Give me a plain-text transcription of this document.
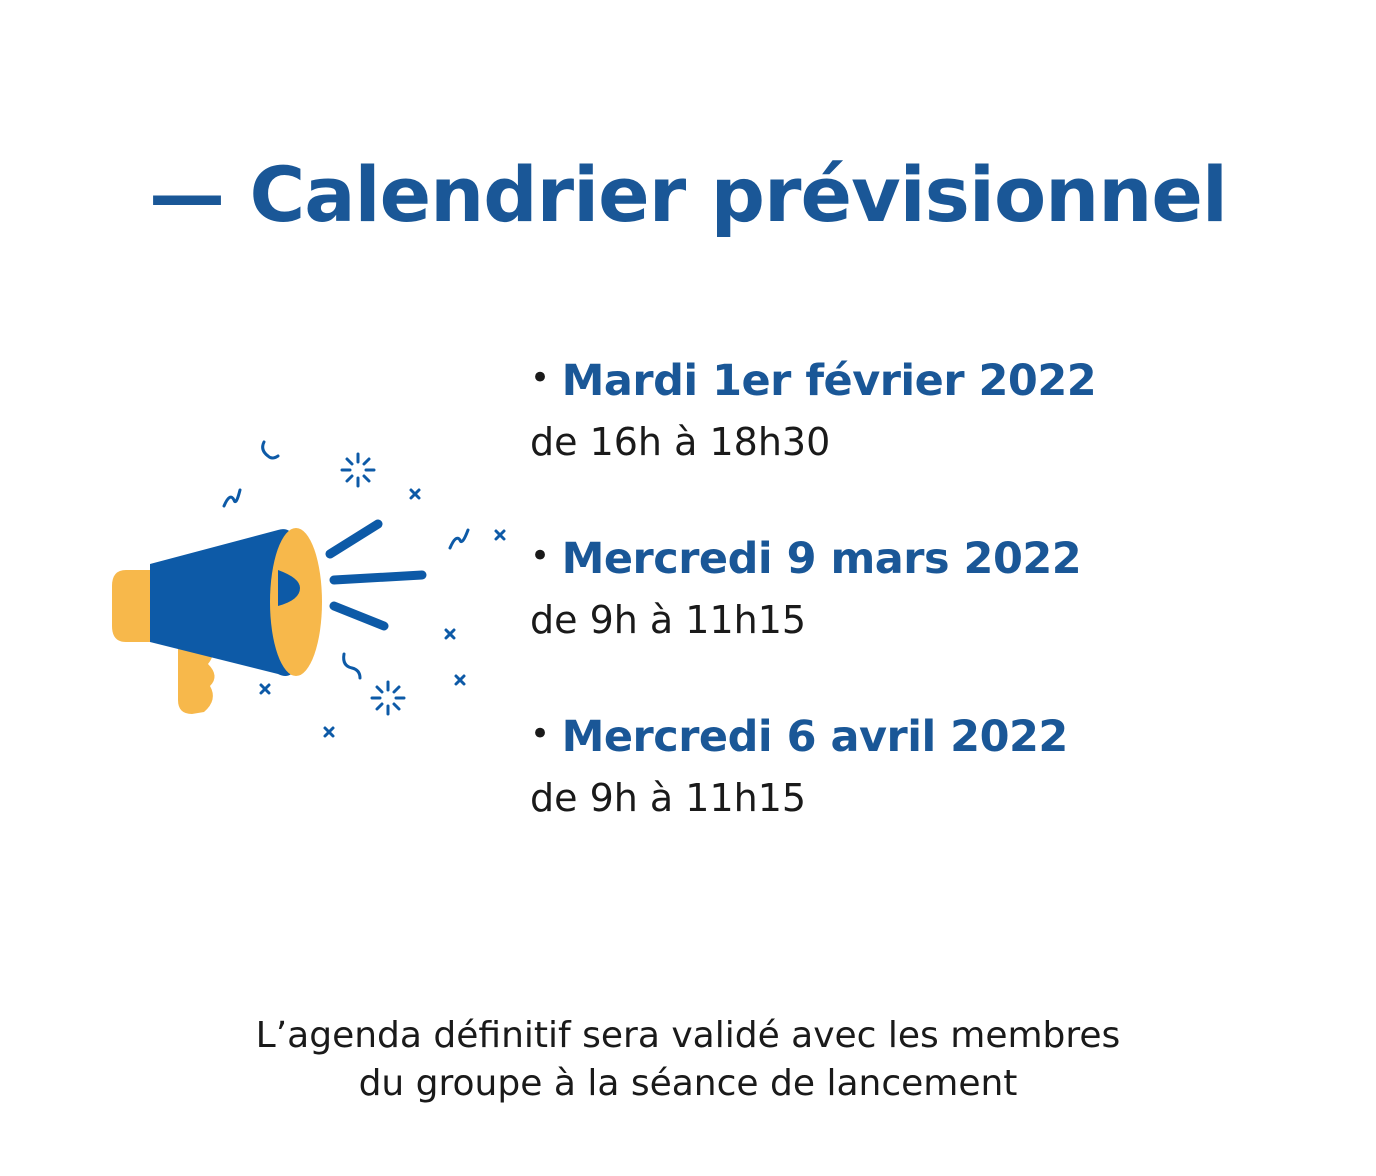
— Calendrier prévisionnel
• Mardi 1er février 2022
de 16h à 18h30
• Mercredi 9 mars 2022
de 9h à 11h15
• Mercredi 6 avril 2022
de 9h à 11h15
L’agenda définitif sera validé avec les membres
du groupe à la séance de lancement
